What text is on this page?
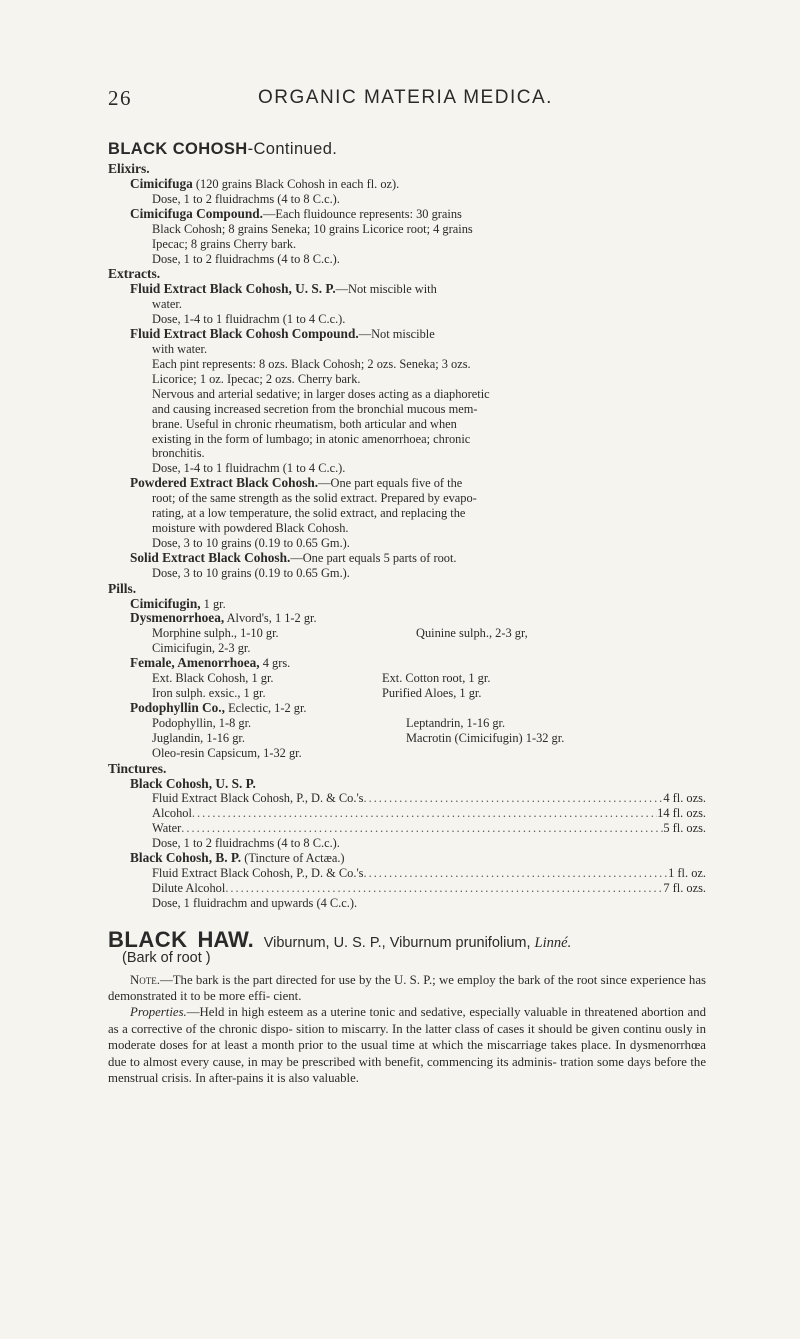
26	ORGANIC MATERIA MEDICA.
BLACK COHOSH-Continued.
Elixirs.
Cimicifuga (120 grains Black Cohosh in each fl. oz).
Dose, 1 to 2 fluidrachms (4 to 8 C.c.).
Cimicifuga Compound.—Each fluidounce represents: 30 grains
Black Cohosh; 8 grains Seneka; 10 grains Licorice root; 4 grains
Ipecac; 8 grains Cherry bark.
Dose, 1 to 2 fluidrachms (4 to 8 C.c.).
Extracts.
Fluid Extract Black Cohosh, U. S. P.—Not miscible with
water.
Dose, 1-4 to 1 fluidrachm (1 to 4 C.c.).
Fluid Extract Black Cohosh Compound.—Not miscible
with water.
Each pint represents: 8 ozs. Black Cohosh; 2 ozs. Seneka; 3 ozs.
Licorice; 1 oz. Ipecac; 2 ozs. Cherry bark.
Nervous and arterial sedative; in larger doses acting as a diaphoretic
and causing increased secretion from the bronchial mucous mem-
brane. Useful in chronic rheumatism, both articular and when
existing in the form of lumbago; in atonic amenorrhoea; chronic
bronchitis.
Dose, 1-4 to 1 fluidrachm (1 to 4 C.c.).
Powdered Extract Black Cohosh.—One part equals five of the
root; of the same strength as the solid extract. Prepared by evapo-
rating, at a low temperature, the solid extract, and replacing the
moisture with powdered Black Cohosh.
Dose, 3 to 10 grains (0.19 to 0.65 Gm.).
Solid Extract Black Cohosh.—One part equals 5 parts of root.
Dose, 3 to 10 grains (0.19 to 0.65 Gm.).
Pills.
Cimicifugin, 1 gr.
Dysmenorrhoea, Alvord's, 1 1-2 gr.
Morphine sulph., 1-10 gr.	Quinine sulph., 2-3 gr,
Cimicifugin, 2-3 gr.
Female, Amenorrhoea, 4 grs.
Ext. Black Cohosh, 1 gr.	Ext. Cotton root, 1 gr.
Iron sulph. exsic., 1 gr.	Purified Aloes, 1 gr.
Podophyllin Co., Eclectic, 1-2 gr.
Podophyllin, 1-8 gr.	Leptandrin, 1-16 gr.
Juglandin, 1-16 gr.	Macrotin (Cimicifugin) 1-32 gr.
Oleo-resin Capsicum, 1-32 gr.
Tinctures.
Black Cohosh, U. S. P.
Fluid Extract Black Cohosh, P., D. & Co.'s .....	4 fl. ozs.
Alcohol .....	14 fl. ozs.
Water .....	5 fl. ozs.
Dose, 1 to 2 fluidrachms (4 to 8 C.c.).
Black Cohosh, B. P. (Tincture of Actæa.)
Fluid Extract Black Cohosh, P., D. & Co.'s .....	1 fl. oz.
Dilute Alcohol .....	7 fl. ozs.
Dose, 1 fluidrachm and upwards (4 C.c.).
BLACK HAW. Viburnum, U. S. P., Viburnum prunifolium, Linné.
(Bark of root )

Note.—The bark is the part directed for use by the U. S. P.; we employ the bark of the root since experience has demonstrated it to be more effi- cient.

Properties.—Held in high esteem as a uterine tonic and sedative, especially valuable in threatened abortion and as a corrective of the chronic dispo- sition to miscarry. In the latter class of cases it should be given continu ously in moderate doses for at least a month prior to the usual time at which the miscarriage takes place. In dysmenorrhœa due to almost every cause, in may be prescribed with benefit, commencing its adminis- tration some days before the menstrual crisis. In after-pains it is also valuable.
